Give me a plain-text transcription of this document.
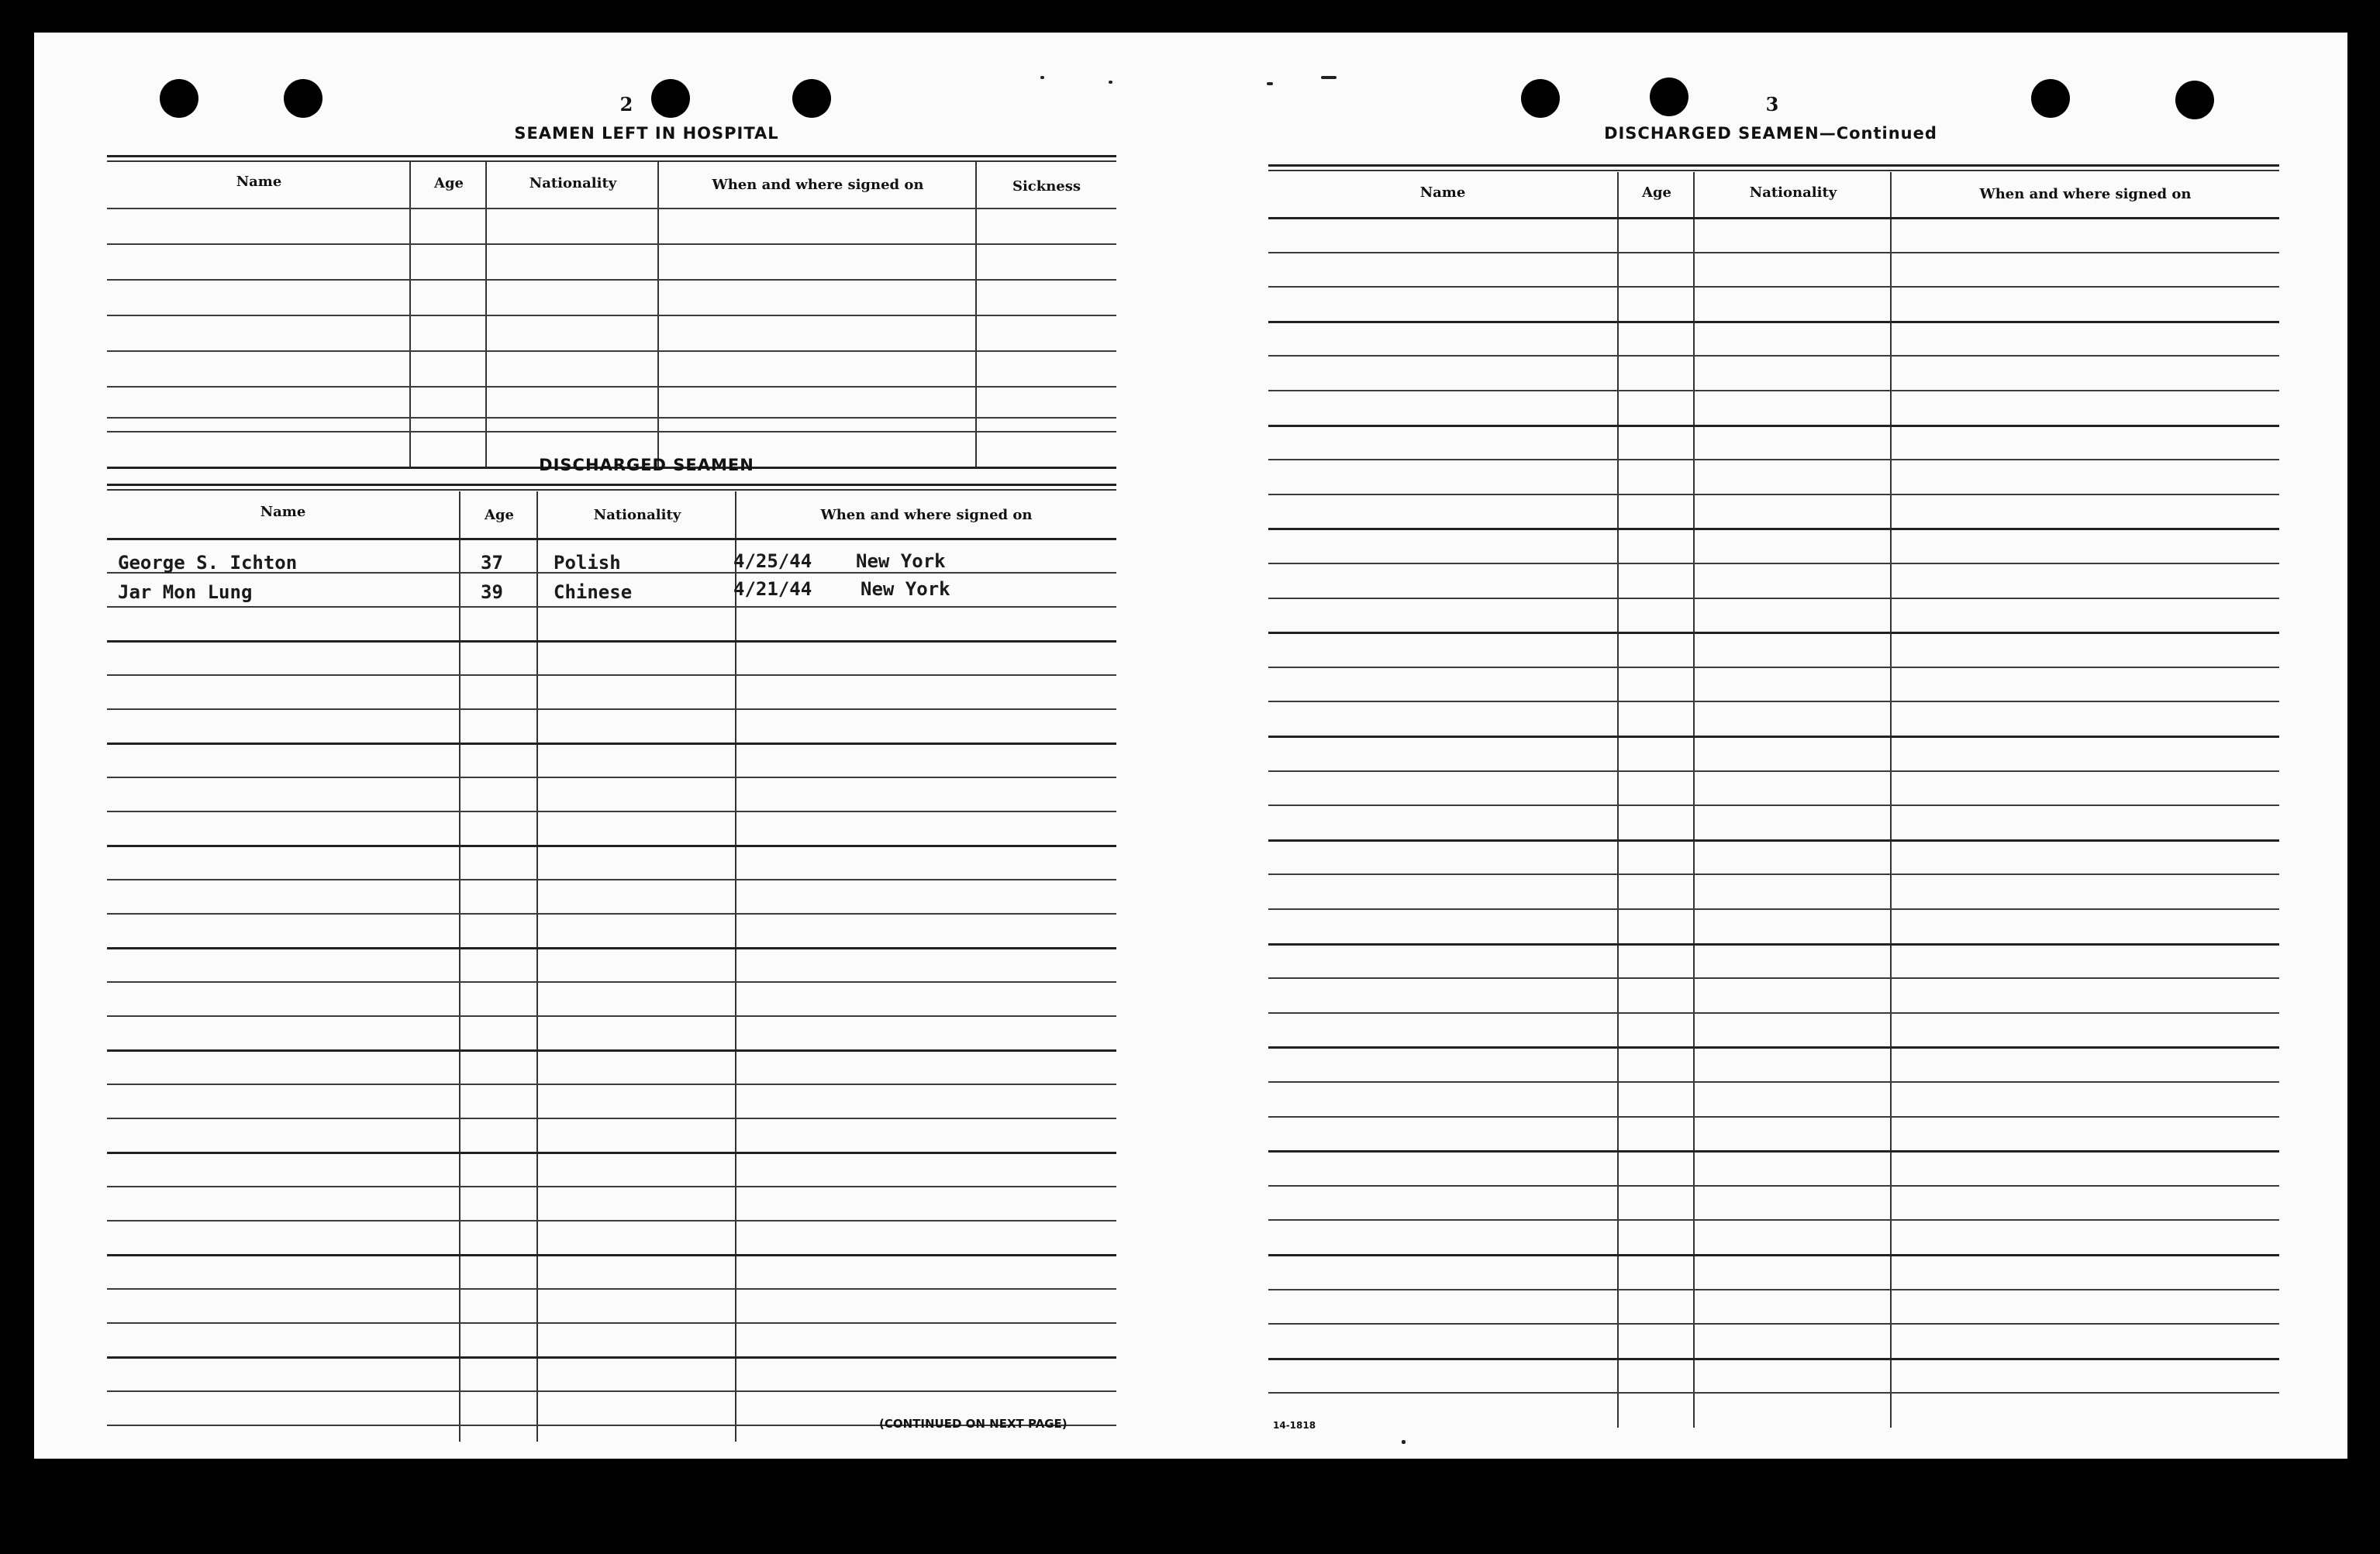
2
SEAMEN LEFT IN HOSPITAL
Name	Age	Nationality	When and where signed on	Sickness
DISCHARGED SEAMEN
Name	Age	Nationality	When and where signed on
George S. Ichton	37	Polish	4/25/44 New York
Jar Mon Lung	39	Chinese	4/21/44	New York
(CONTINUED ON NEXT PAGE)
3
DISCHARGED SEAMEN—Continued
Name	Age	Nationality	When and where signed on
14-1818
